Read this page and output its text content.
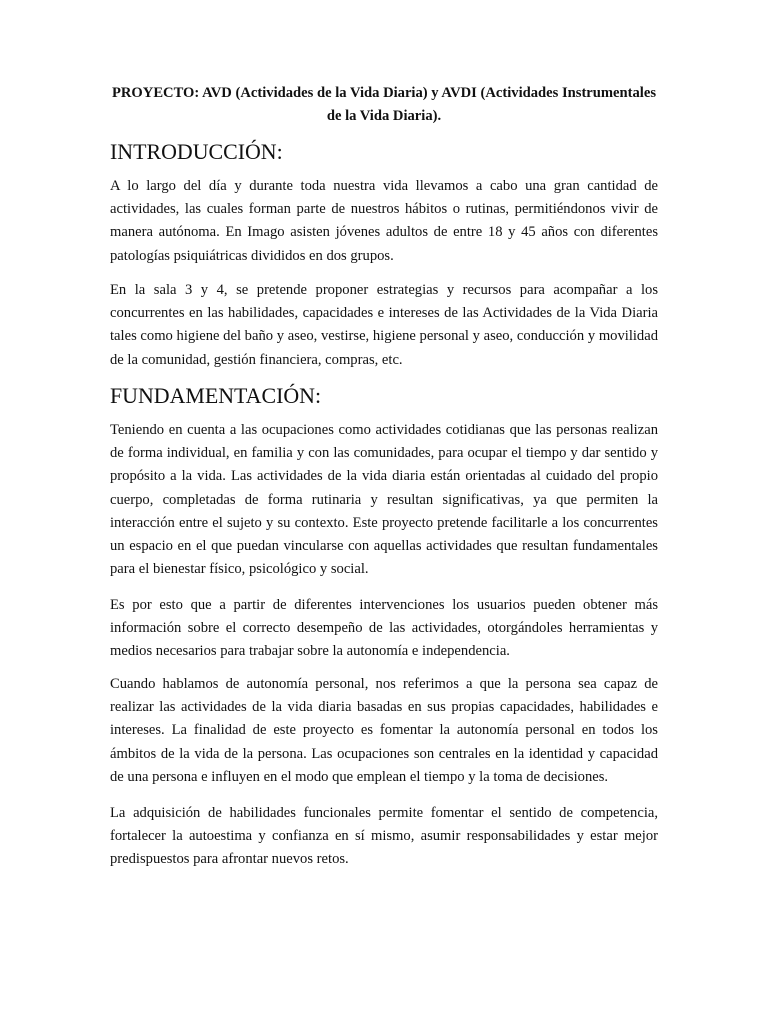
PROYECTO: AVD (Actividades de la Vida Diaria) y AVDI (Actividades Instrumentales de la Vida Diaria).
INTRODUCCIÓN:

A lo largo del día y durante toda nuestra vida llevamos a cabo una gran cantidad de actividades, las cuales forman parte de nuestros hábitos o rutinas, permitiéndonos vivir de manera autónoma. En Imago asisten jóvenes adultos de entre 18 y 45 años con diferentes patologías psiquiátricas divididos en dos grupos.

En la sala 3 y 4, se pretende proponer estrategias y recursos para acompañar a los concurrentes en las habilidades, capacidades e intereses de las Actividades de la Vida Diaria tales como higiene del baño y aseo, vestirse, higiene personal y aseo, conducción y movilidad de la comunidad, gestión financiera, compras, etc.

FUNDAMENTACIÓN:

Teniendo en cuenta a las ocupaciones como actividades cotidianas que las personas realizan de forma individual, en familia y con las comunidades, para ocupar el tiempo y dar sentido y propósito a la vida. Las actividades de la vida diaria están orientadas al cuidado del propio cuerpo, completadas de forma rutinaria y resultan significativas, ya que permiten la interacción entre el sujeto y su contexto. Este proyecto pretende facilitarle a los concurrentes un espacio en el que puedan vincularse con aquellas actividades que resultan fundamentales para el bienestar físico, psicológico y social.

Es por esto que a partir de diferentes intervenciones los usuarios pueden obtener más información sobre el correcto desempeño de las actividades, otorgándoles herramientas y medios necesarios para trabajar sobre la autonomía e independencia.

Cuando hablamos de autonomía personal, nos referimos a que la persona sea capaz de realizar las actividades de la vida diaria basadas en sus propias capacidades, habilidades e intereses. La finalidad de este proyecto es fomentar la autonomía personal en todos los ámbitos de la vida de la persona. Las ocupaciones son centrales en la identidad y capacidad de una persona e influyen en el modo que emplean el tiempo y la toma de decisiones.

La adquisición de habilidades funcionales permite fomentar el sentido de competencia, fortalecer la autoestima y confianza en sí mismo, asumir responsabilidades y estar mejor predispuestos para afrontar nuevos retos.
